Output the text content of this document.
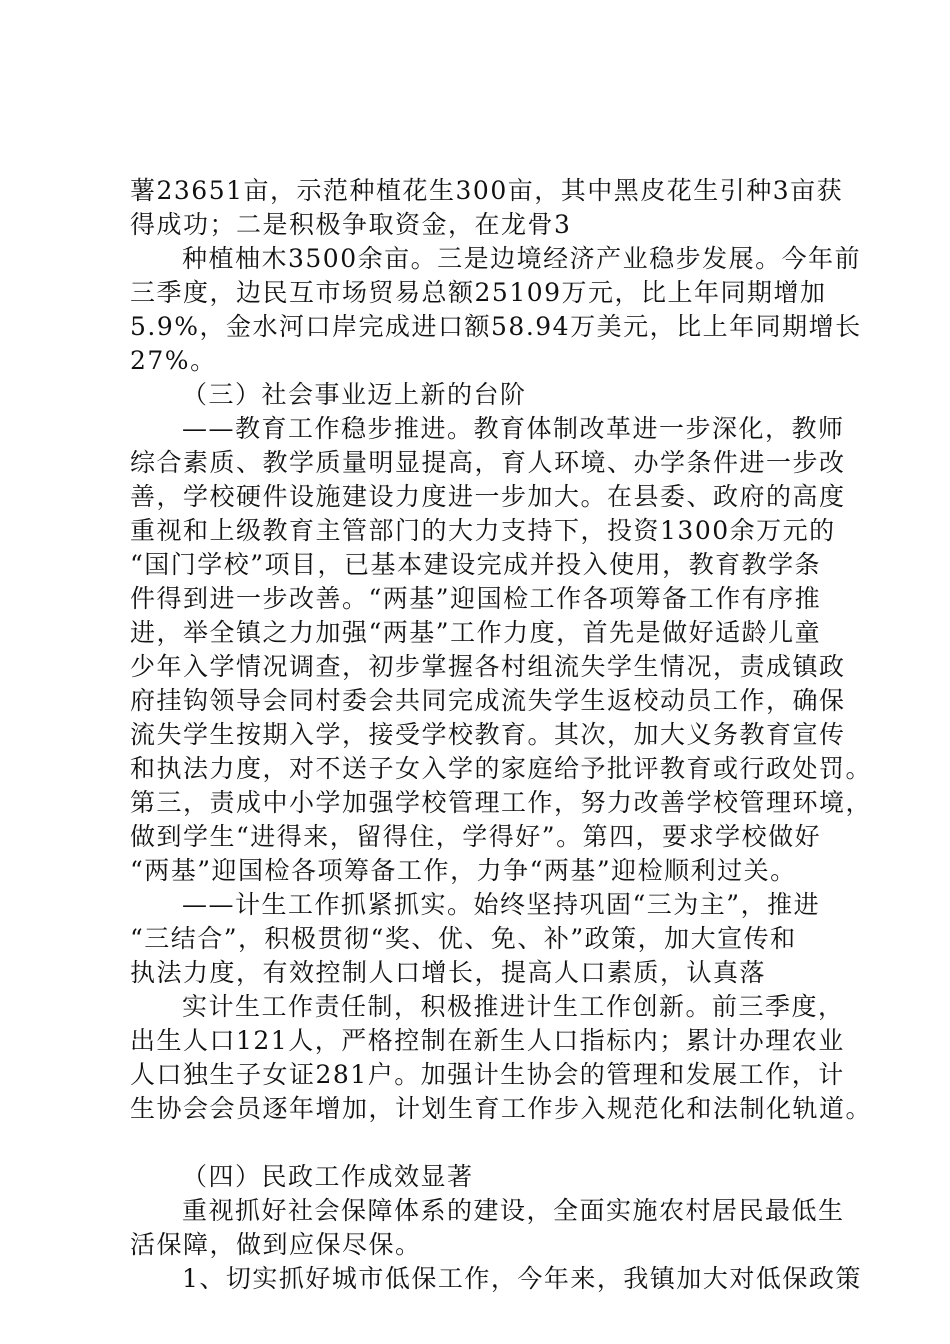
薯23651亩，示范种植花生300亩，其中黑皮花生引种3亩获
得成功；二是积极争取资金，在龙骨3
种植柚木3500余亩。三是边境经济产业稳步发展。今年前
三季度，边民互市场贸易总额25109万元，比上年同期增加
5.9%，金水河口岸完成进口额58.94万美元，比上年同期增长
27%。
（三）社会事业迈上新的台阶
——教育工作稳步推进。教育体制改革进一步深化，教师
综合素质、教学质量明显提高，育人环境、办学条件进一步改
善，学校硬件设施建设力度进一步加大。在县委、政府的高度
重视和上级教育主管部门的大力支持下，投资1300余万元的
“国门学校”项目，已基本建设完成并投入使用，教育教学条
件得到进一步改善。“两基”迎国检工作各项筹备工作有序推
进，举全镇之力加强“两基”工作力度，首先是做好适龄儿童
少年入学情况调查，初步掌握各村组流失学生情况，责成镇政
府挂钩领导会同村委会共同完成流失学生返校动员工作，确保
流失学生按期入学，接受学校教育。其次，加大义务教育宣传
和执法力度，对不送子女入学的家庭给予批评教育或行政处罚。
第三，责成中小学加强学校管理工作，努力改善学校管理环境，
做到学生“进得来，留得住，学得好”。第四，要求学校做好
“两基”迎国检各项筹备工作，力争“两基”迎检顺利过关。
——计生工作抓紧抓实。始终坚持巩固“三为主”，推进
“三结合”，积极贯彻“奖、优、免、补”政策，加大宣传和
执法力度，有效控制人口增长，提高人口素质，认真落
实计生工作责任制，积极推进计生工作创新。前三季度，
出生人口121人，严格控制在新生人口指标内；累计办理农业
人口独生子女证281户。加强计生协会的管理和发展工作，计
生协会会员逐年增加，计划生育工作步入规范化和法制化轨道。
（四）民政工作成效显著
重视抓好社会保障体系的建设，全面实施农村居民最低生
活保障，做到应保尽保。
1、切实抓好城市低保工作，今年来，我镇加大对低保政策
